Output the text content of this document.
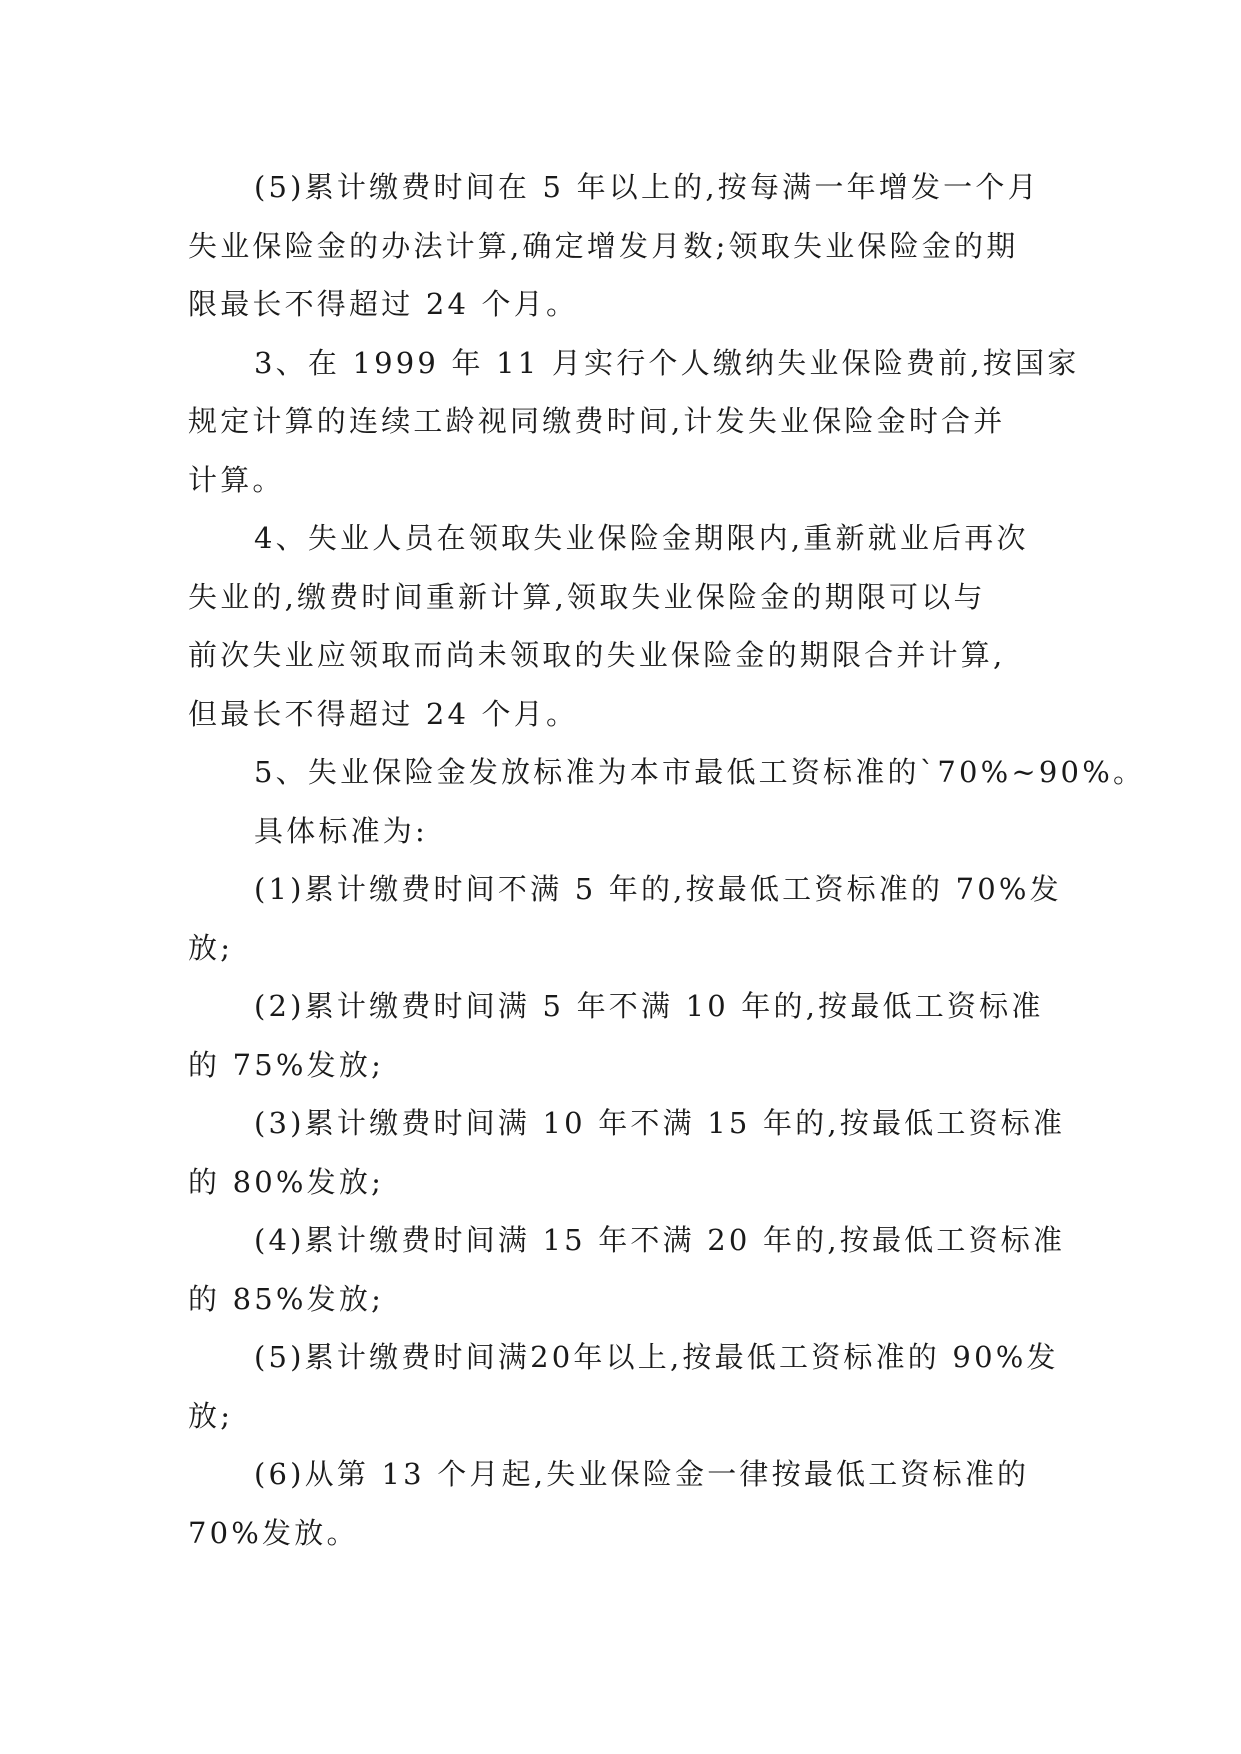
(5)累计缴费时间在 5 年以上的,按每满一年增发一个月
失业保险金的办法计算,确定增发月数;领取失业保险金的期
限最长不得超过 24 个月。
3、在 1999 年 11 月实行个人缴纳失业保险费前,按国家
规定计算的连续工龄视同缴费时间,计发失业保险金时合并
计算。
4、失业人员在领取失业保险金期限内,重新就业后再次
失业的,缴费时间重新计算,领取失业保险金的期限可以与
前次失业应领取而尚未领取的失业保险金的期限合并计算,
但最长不得超过 24 个月。
5、失业保险金发放标准为本市最低工资标准的`70%~90%。
具体标准为:
(1)累计缴费时间不满 5 年的,按最低工资标准的 70%发
放;
(2)累计缴费时间满 5 年不满 10 年的,按最低工资标准
的 75%发放;
(3)累计缴费时间满 10 年不满 15 年的,按最低工资标准
的 80%发放;
(4)累计缴费时间满 15 年不满 20 年的,按最低工资标准
的 85%发放;
(5)累计缴费时间满20年以上,按最低工资标准的 90%发
放;
(6)从第 13 个月起,失业保险金一律按最低工资标准的
70%发放。
